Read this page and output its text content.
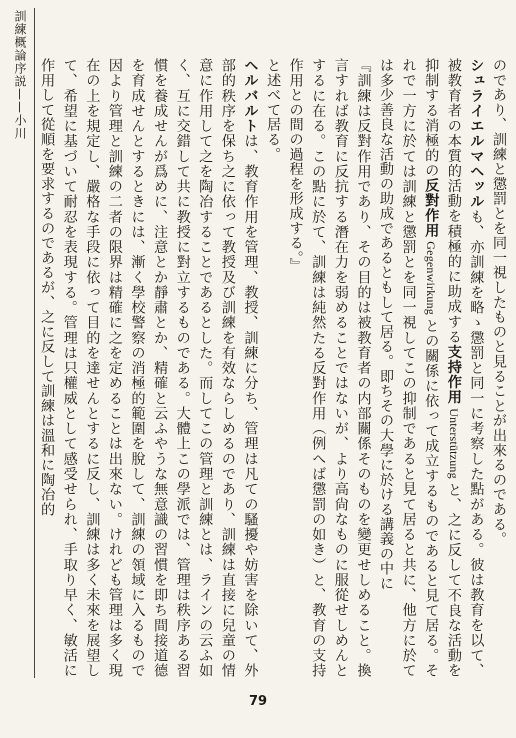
訓練概論序説——小川	のであり、訓練と懲罰とを同一視したものと見ることが出來るのである。

シュライエルマヘッルも、亦訓練を略ゝ懲罰と同一に考察した點がある。彼は教育を以て、被教育者の本質的活動を積極的に助成する支持作用 Unterstützung と、之に反して不良な活動を抑制する消極的の反對作用 Gegenwirkung との關係に依って成立するものであると見て居る。それで一方に於ては訓練と懲罰とを同一視してこの抑制であると見て居ると共に、他方に於ては多少善良な活動の助成であるともして居る。即ちその大學に於ける講義の中に

『訓練は反對作用であり、その目的は被教育者の内部關係そのものを變更せしめること。換言すれば教育に反抗する潛在力を弱めることではないが、より高尙なものに服從せしめんとするに在る。この點に於て、訓練は純然たる反對作用（例へば懲罰の如き）と、教育の支持作用との間の過程を形成する。』

と述べて居る。

ヘルバルトは、教育作用を管理、教授、訓練に分ち、管理は凡ての騷擾や妨害を除いて、外部的秩序を保ち之に依って教授及び訓練を有效ならしめるのであり、訓練は直接に兒童の情意に作用して之を陶冶することであるとした。而してこの管理と訓練とは、ラインの云ふ如く、互に交錯して共に教授に對立するものである。大體上この學派では、管理は秩序ある習慣を養成せんが爲めに、注意とか靜肅とか、精確と云ふやうな無意識の習慣を即ち間接道德を育成せんとするときには、漸く學校警察の消極的範圍を脫して、訓練の領域に入るもので因より管理と訓練の二者の限界は精確に之を定めることは出來ない。けれども管理は多く現在の上を規定し、嚴格な手段に依って目的を達せんとするに反し、訓練は多く未來を展望して、希望に基づいて耐忍を表現する。管理は只權威として感受せられ、手取り早く、敏活に作用して從順を要求するのであるが、之に反して訓練は溫和に陶冶的

79
